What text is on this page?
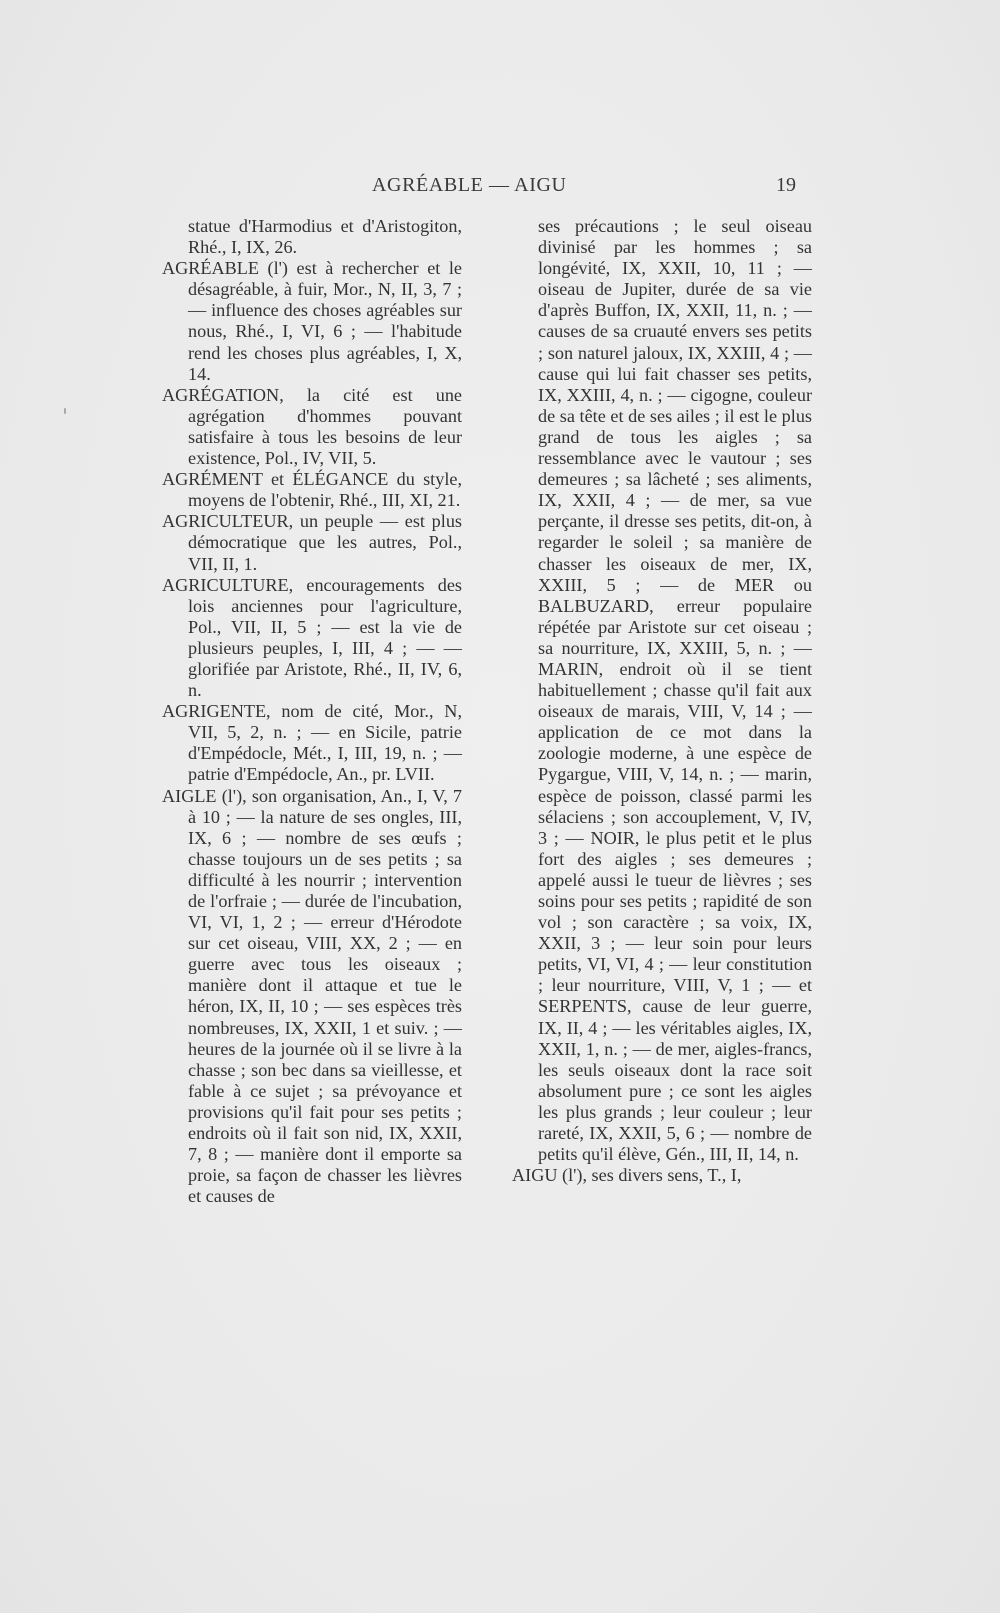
AGRÉABLE — AIGU	19

statue d'Harmodius et d'Aristogiton, Rhé., I, IX, 26.

AGRÉABLE (l') est à rechercher et le désagréable, à fuir, Mor., N, II, 3, 7 ; — influence des choses agréables sur nous, Rhé., I, VI, 6 ; — l'habitude rend les choses plus agréables, I, X, 14.

AGRÉGATION, la cité est une agrégation d'hommes pouvant satisfaire à tous les besoins de leur existence, Pol., IV, VII, 5.

AGRÉMENT et ÉLÉGANCE du style, moyens de l'obtenir, Rhé., III, XI, 21.

AGRICULTEUR, un peuple — est plus démocratique que les autres, Pol., VII, II, 1.

AGRICULTURE, encouragements des lois anciennes pour l'agriculture, Pol., VII, II, 5 ; — est la vie de plusieurs peuples, I, III, 4 ; — — glorifiée par Aristote, Rhé., II, IV, 6, n.

AGRIGENTE, nom de cité, Mor., N, VII, 5, 2, n. ; — en Sicile, patrie d'Empédocle, Mét., I, III, 19, n. ; — patrie d'Empédocle, An., pr. LVII.

AIGLE (l'), son organisation, An., I, V, 7 à 10 ; — la nature de ses ongles, III, IX, 6 ; — nombre de ses œufs ; chasse toujours un de ses petits ; sa difficulté à les nourrir ; intervention de l'orfraie ; — durée de l'incubation, VI, VI, 1, 2 ; — erreur d'Hérodote sur cet oiseau, VIII, XX, 2 ; — en guerre avec tous les oiseaux ; manière dont il attaque et tue le héron, IX, II, 10 ; — ses espèces très nombreuses, IX, XXII, 1 et suiv. ; — heures de la journée où il se livre à la chasse ; son bec dans sa vieillesse, et fable à ce sujet ; sa prévoyance et provisions qu'il fait pour ses petits ; endroits où il fait son nid, IX, XXII, 7, 8 ; — manière dont il emporte sa proie, sa façon de chasser les lièvres et causes de

ses précautions ; le seul oiseau divinisé par les hommes ; sa longévité, IX, XXII, 10, 11 ; — oiseau de Jupiter, durée de sa vie d'après Buffon, IX, XXII, 11, n. ; — causes de sa cruauté envers ses petits ; son naturel jaloux, IX, XXIII, 4 ; — cause qui lui fait chasser ses petits, IX, XXIII, 4, n. ; — cigogne, couleur de sa tête et de ses ailes ; il est le plus grand de tous les aigles ; sa ressemblance avec le vautour ; ses demeures ; sa lâcheté ; ses aliments, IX, XXII, 4 ; — de mer, sa vue perçante, il dresse ses petits, dit-on, à regarder le soleil ; sa manière de chasser les oiseaux de mer, IX, XXIII, 5 ; — de MER ou BALBUZARD, erreur populaire répétée par Aristote sur cet oiseau ; sa nourriture, IX, XXIII, 5, n. ; — MARIN, endroit où il se tient habituellement ; chasse qu'il fait aux oiseaux de marais, VIII, V, 14 ; — application de ce mot dans la zoologie moderne, à une espèce de Pygargue, VIII, V, 14, n. ; — marin, espèce de poisson, classé parmi les sélaciens ; son accouplement, V, IV, 3 ; — NOIR, le plus petit et le plus fort des aigles ; ses demeures ; appelé aussi le tueur de lièvres ; ses soins pour ses petits ; rapidité de son vol ; son caractère ; sa voix, IX, XXII, 3 ; — leur soin pour leurs petits, VI, VI, 4 ; — leur constitution ; leur nourriture, VIII, V, 1 ; — et SERPENTS, cause de leur guerre, IX, II, 4 ; — les véritables aigles, IX, XXII, 1, n. ; — de mer, aigles-francs, les seuls oiseaux dont la race soit absolument pure ; ce sont les aigles les plus grands ; leur couleur ; leur rareté, IX, XXII, 5, 6 ; — nombre de petits qu'il élève, Gén., III, II, 14, n.

AIGU (l'), ses divers sens, T., I,
